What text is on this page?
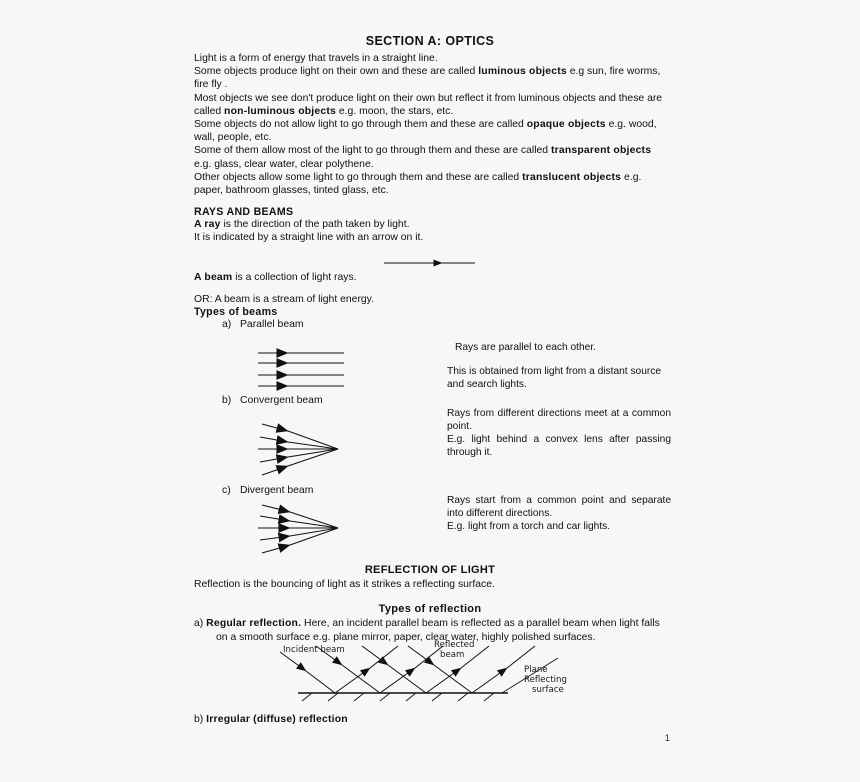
SECTION A: OPTICS

Light is a form of energy that travels in a straight line.

Some objects produce light on their own and these are called luminous objects e.g sun, fire worms, fire fly .

Most objects we see don't produce light on their own but reflect it from luminous objects and these are called non-luminous objects e.g. moon, the stars, etc.

Some objects do not allow light to go through them and these are called opaque objects e.g. wood, wall, people, etc.

Some of them allow most of the light to go through them and these are called transparent objects e.g. glass, clear water, clear polythene.

Other objects allow some light to go through them and these are called translucent objects e.g. paper, bathroom glasses, tinted glass, etc.

RAYS AND BEAMS

A ray is the direction of the path taken by light.

It is indicated by a straight line with an arrow on it.

A beam is a collection of light rays.

OR: A beam is a stream of light energy.

Types of beams

a) Parallel beam

Rays are parallel to each other.
This is obtained from light from a distant source and search lights.
b) Convergent beam
Rays from different directions meet at a common point.
E.g. light behind a convex lens after passing through it.
c) Divergent beam
Rays start from a common point and separate into different directions.
E.g. light from a torch and car lights.
REFLECTION OF LIGHT
Reflection is the bouncing of light as it strikes a reflecting surface.
Types of reflection
a) Regular reflection. Here, an incident parallel beam is reflected as a parallel beam when light falls
on a smooth surface e.g. plane mirror, paper, clear water, highly polished surfaces.
Incident beam	Reflected
beam
Plane
Reflecting
surface
b) Irregular (diffuse) reflection
1
